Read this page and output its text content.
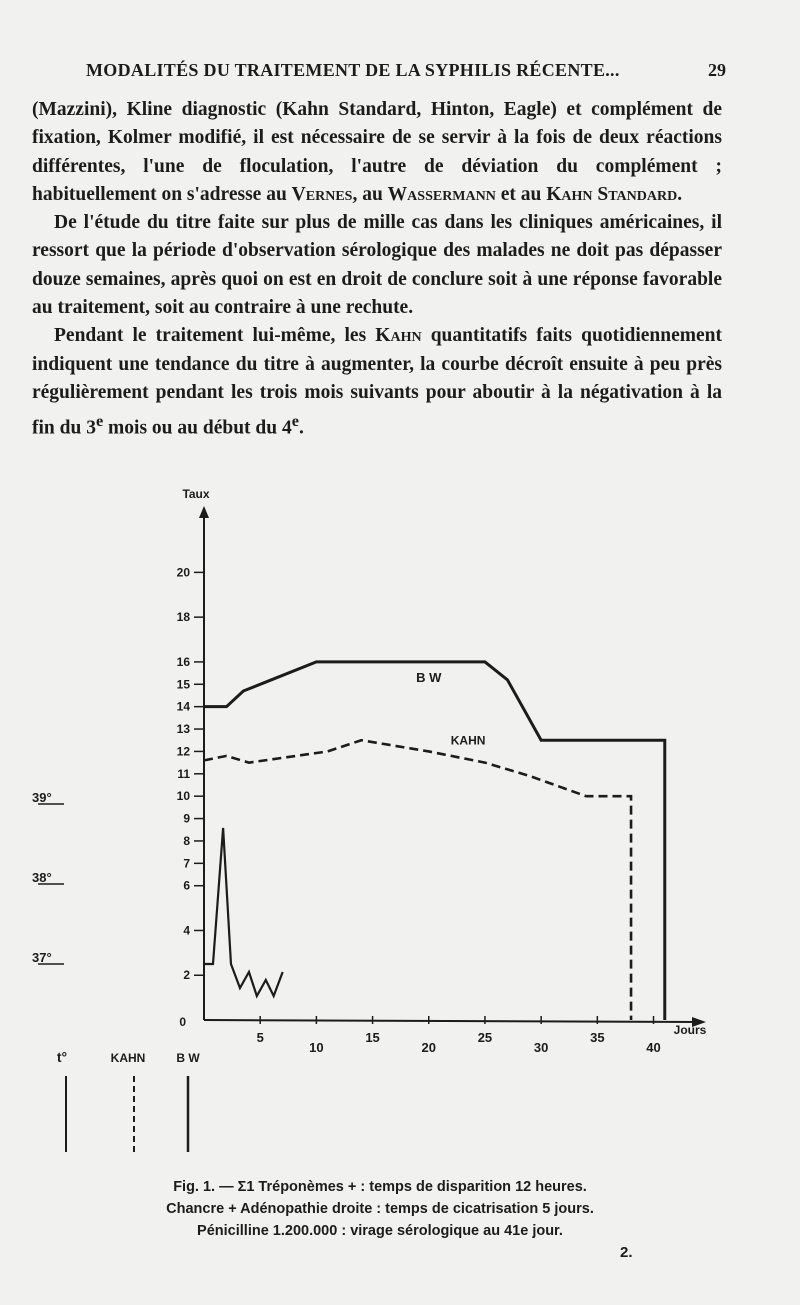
MODALITÉS DU TRAITEMENT DE LA SYPHILIS RÉCENTE...	29

(Mazzini), Kline diagnostic (Kahn Standard, Hinton, Eagle) et complément de fixation, Kolmer modifié, il est nécessaire de se servir à la fois de deux réactions différentes, l'une de floculation, l'autre de déviation du complément ; habituellement on s'adresse au Vernes, au Wassermann et au Kahn Standard.

De l'étude du titre faite sur plus de mille cas dans les cliniques américaines, il ressort que la période d'observation sérologique des malades ne doit pas dépasser douze semaines, après quoi on est en droit de conclure soit à une réponse favorable au traitement, soit au contraire à une rechute.

Pendant le traitement lui-même, les Kahn quantitatifs faits quotidiennement indiquent une tendance du titre à augmenter, la courbe décroît ensuite à peu près régulièrement pendant les trois mois suivants pour aboutir à la négativation à la fin du 3e mois ou au début du 4e.

Taux
Jours
5
10
15
20
25
30
35
40
2
4
6
7
8
9
10
11
12
13
14
15
16
18
20
0
39°
38°
37°
B W
KAHN
t°	KAHN	B W
Fig. 1. — Σ1 Tréponèmes + : temps de disparition 12 heures.
Chancre + Adénopathie droite : temps de cicatrisation 5 jours.
Pénicilline 1.200.000 : virage sérologique au 41e jour.
2.
